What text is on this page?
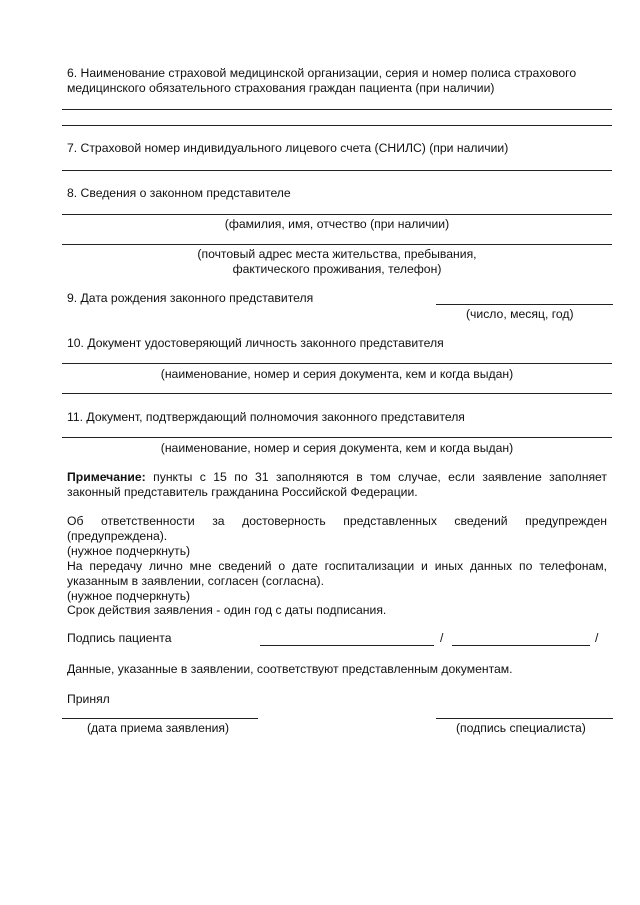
6. Наименование страховой медицинской организации, серия и номер полиса страхового
медицинского обязательного страхования граждан пациента (при наличии)
7. Страховой номер индивидуального лицевого счета (СНИЛС) (при наличии)
8. Сведения о законном представителе
(фамилия, имя, отчество (при наличии)
(почтовый адрес места жительства, пребывания,
фактического проживания, телефон)
9. Дата рождения законного представителя
(число, месяц, год)
10. Документ удостоверяющий личность законного представителя
(наименование, номер и серия документа, кем и когда выдан)
11. Документ, подтверждающий полномочия законного представителя
(наименование, номер и серия документа, кем и когда выдан)
Примечание: пункты с 15 по 31 заполняются в том случае, если заявление заполняет
законный представитель гражданина Российской Федерации.
Об ответственности за достоверность представленных сведений предупрежден
(предупреждена).
(нужное подчеркнуть)
На передачу лично мне сведений о дате госпитализации и иных данных по телефонам,
указанным в заявлении, согласен (согласна).
(нужное подчеркнуть)
Срок действия заявления - один год с даты подписания.
Подпись пациента	/	/
Данные, указанные в заявлении, соответствуют представленным документам.
Принял
(дата приема заявления)	(подпись специалиста)
